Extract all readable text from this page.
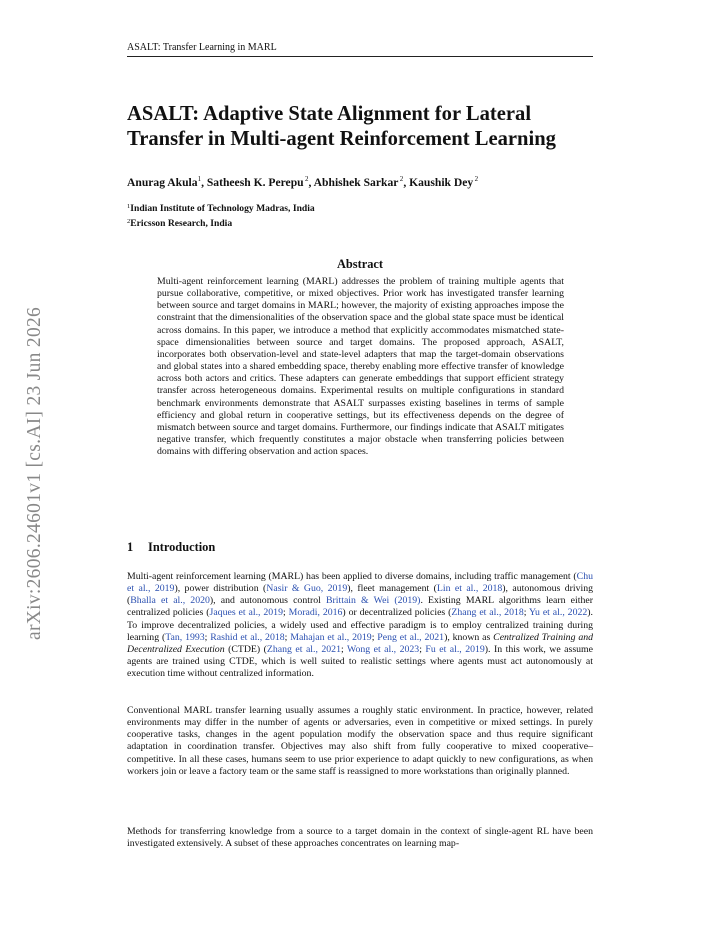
ASALT: Transfer Learning in MARL
arXiv:2606.24601v1 [cs.AI] 23 Jun 2026
ASALT: Adaptive State Alignment for Lateral Transfer in Multi-agent Reinforcement Learning
Anurag Akula$^1$, Satheesh K. Perepu $^2$, Abhishek Sarkar $^2$, Kaushik Dey $^2$
$^1$Indian Institute of Technology Madras, India
$^2$Ericsson Research, India
Abstract

Multi-agent reinforcement learning (MARL) addresses the problem of training multiple agents that pursue collaborative, competitive, or mixed objectives. Prior work has investigated transfer learning between source and target domains in MARL; however, the majority of existing approaches impose the constraint that the dimensionalities of the observation space and the global state space must be identical across domains. In this paper, we introduce a method that explicitly accommodates mismatched state-space dimensionalities between source and target domains. The proposed approach, ASALT, incorporates both observation-level and state-level adapters that map the target-domain observations and global states into a shared embedding space, thereby enabling more effective transfer of knowledge across both actors and critics. These adapters can generate embeddings that support efficient strategy transfer across heterogeneous domains. Experimental results on multiple configurations in standard benchmark environments demonstrate that ASALT surpasses existing baselines in terms of sample efficiency and global return in cooperative settings, but its effectiveness depends on the degree of mismatch between source and target domains. Furthermore, our findings indicate that ASALT mitigates negative transfer, which frequently constitutes a major obstacle when transferring policies between domains with differing observation and action spaces.

1 Introduction

Multi-agent reinforcement learning (MARL) has been applied to diverse domains, including traffic management (Chu et al., 2019), power distribution (Nasir & Guo, 2019), fleet management (Lin et al., 2018), autonomous driving (Bhalla et al., 2020), and autonomous control Brittain & Wei (2019). Existing MARL algorithms learn either centralized policies (Jaques et al., 2019; Moradi, 2016) or decentralized policies (Zhang et al., 2018; Yu et al., 2022). To improve decentralized policies, a widely used and effective paradigm is to employ centralized training during learning (Tan, 1993; Rashid et al., 2018; Mahajan et al., 2019; Peng et al., 2021), known as Centralized Training and Decentralized Execution (CTDE) (Zhang et al., 2021; Wong et al., 2023; Fu et al., 2019). In this work, we assume agents are trained using CTDE, which is well suited to realistic settings where agents must act autonomously at execution time without centralized information.

Conventional MARL transfer learning usually assumes a roughly static environment. In practice, however, related environments may differ in the number of agents or adversaries, even in competitive or mixed settings. In purely cooperative tasks, changes in the agent population modify the observation space and thus require significant adaptation in coordination transfer. Objectives may also shift from fully cooperative to mixed cooperative–competitive. In all these cases, humans seem to use prior experience to adapt quickly to new configurations, as when workers join or leave a factory team or the same staff is reassigned to more workstations than originally planned.

Methods for transferring knowledge from a source to a target domain in the context of single-agent RL have been investigated extensively. A subset of these approaches concentrates on learning map-
